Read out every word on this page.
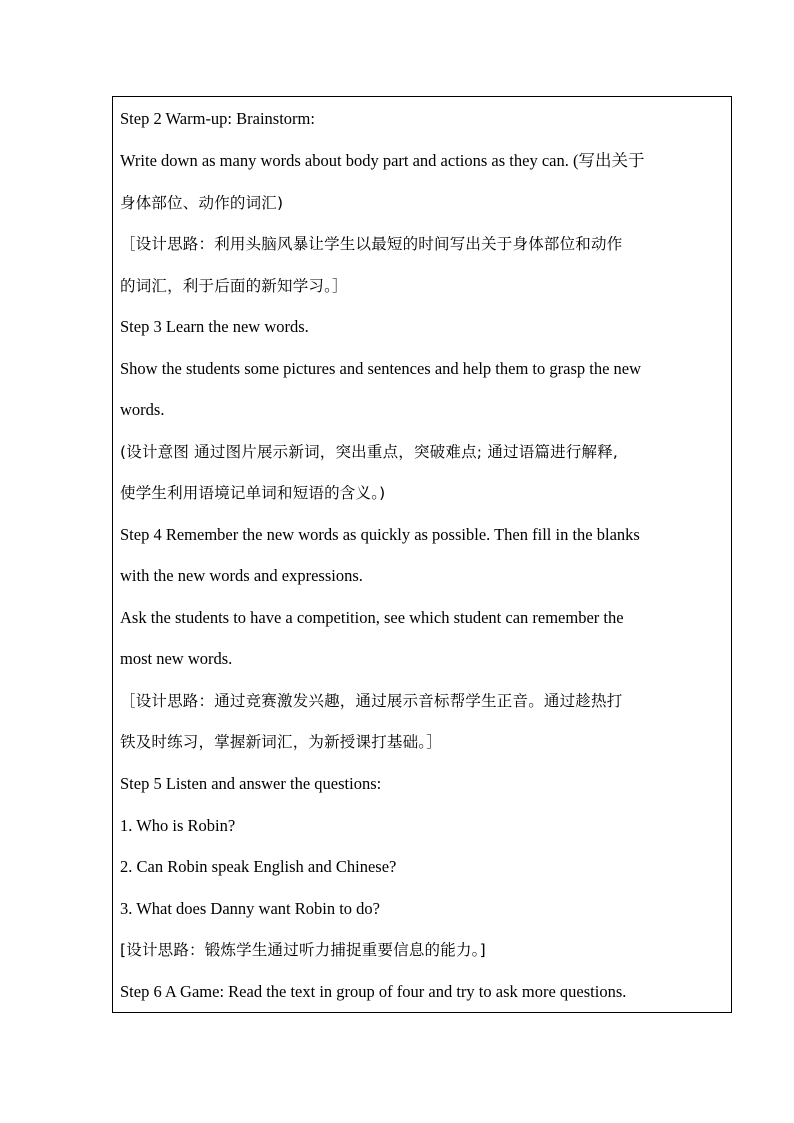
Step 2 Warm-up: Brainstorm:
Write down as many words about body part and actions as they can. (写出关于
身体部位、动作的词汇)
［设计思路：利用头脑风暴让学生以最短的时间写出关于身体部位和动作
的词汇，利于后面的新知学习。］
Step 3 Learn the new words.
Show the students some pictures and sentences and help them to grasp the new
words.
(设计意图 通过图片展示新词，突出重点，突破难点; 通过语篇进行解释,
使学生利用语境记单词和短语的含义。)
Step 4 Remember the new words as quickly as possible. Then fill in the blanks
with the new words and expressions.
Ask the students to have a competition, see which student can remember the
most new words.
［设计思路：通过竞赛激发兴趣，通过展示音标帮学生正音。通过趁热打
铁及时练习，掌握新词汇，为新授课打基础。］
Step 5 Listen and answer the questions:
1. Who is Robin?
2. Can Robin speak English and Chinese?
3. What does Danny want Robin to do?
[设计思路：锻炼学生通过听力捕捉重要信息的能力。]
Step 6 A Game: Read the text in group of four and try to ask more questions.
